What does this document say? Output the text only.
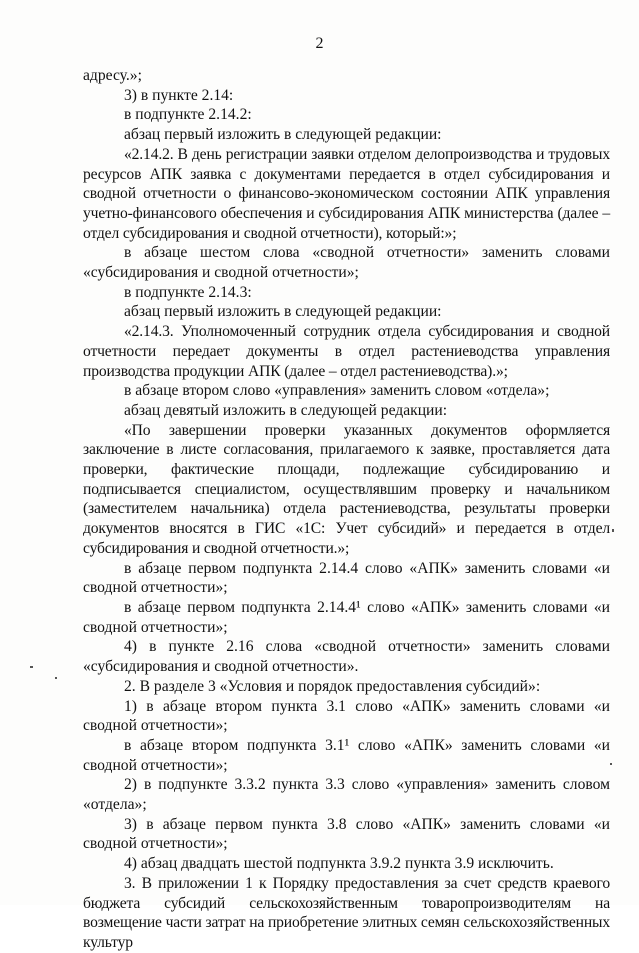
2

адресу.»;

3) в пункте 2.14:

в подпункте 2.14.2:

абзац первый изложить в следующей редакции:

«2.14.2. В день регистрации заявки отделом делопроизводства и трудовых ресурсов АПК заявка с документами передается в отдел субсидирования и сводной отчетности о финансово-экономическом состоянии АПК управления учетно-финансового обеспечения и субсидирования АПК министерства (далее – отдел субсидирования и сводной отчетности), который:»;

в абзаце шестом слова «сводной отчетности» заменить словами «субсидирования и сводной отчетности»;

в подпункте 2.14.3:

абзац первый изложить в следующей редакции:

«2.14.3. Уполномоченный сотрудник отдела субсидирования и сводной отчетности передает документы в отдел растениеводства управления производства продукции АПК (далее – отдел растениеводства).»;

в абзаце втором слово «управления» заменить словом «отдела»;

абзац девятый изложить в следующей редакции:

«По завершении проверки указанных документов оформляется заключение в листе согласования, прилагаемого к заявке, проставляется дата проверки, фактические площади, подлежащие субсидированию и подписывается специалистом, осуществлявшим проверку и начальником (заместителем начальника) отдела растениеводства, результаты проверки документов вносятся в ГИС «1С: Учет субсидий» и передается в отдел субсидирования и сводной отчетности.»;

в абзаце первом подпункта 2.14.4 слово «АПК» заменить словами «и сводной отчетности»;

в абзаце первом подпункта 2.14.4¹ слово «АПК» заменить словами «и сводной отчетности»;

4) в пункте 2.16 слова «сводной отчетности» заменить словами «субсидирования и сводной отчетности».

2. В разделе 3 «Условия и порядок предоставления субсидий»:

1) в абзаце втором пункта 3.1 слово «АПК» заменить словами «и сводной отчетности»;

в абзаце втором подпункта 3.1¹ слово «АПК» заменить словами «и сводной отчетности»;

2) в подпункте 3.3.2 пункта 3.3 слово «управления» заменить словом «отдела»;

3) в абзаце первом пункта 3.8 слово «АПК» заменить словами «и сводной отчетности»;

4) абзац двадцать шестой подпункта 3.9.2 пункта 3.9 исключить.

3. В приложении 1 к Порядку предоставления за счет средств краевого бюджета субсидий сельскохозяйственным товаропроизводителям на возмещение части затрат на приобретение элитных семян сельскохозяйственных культур
